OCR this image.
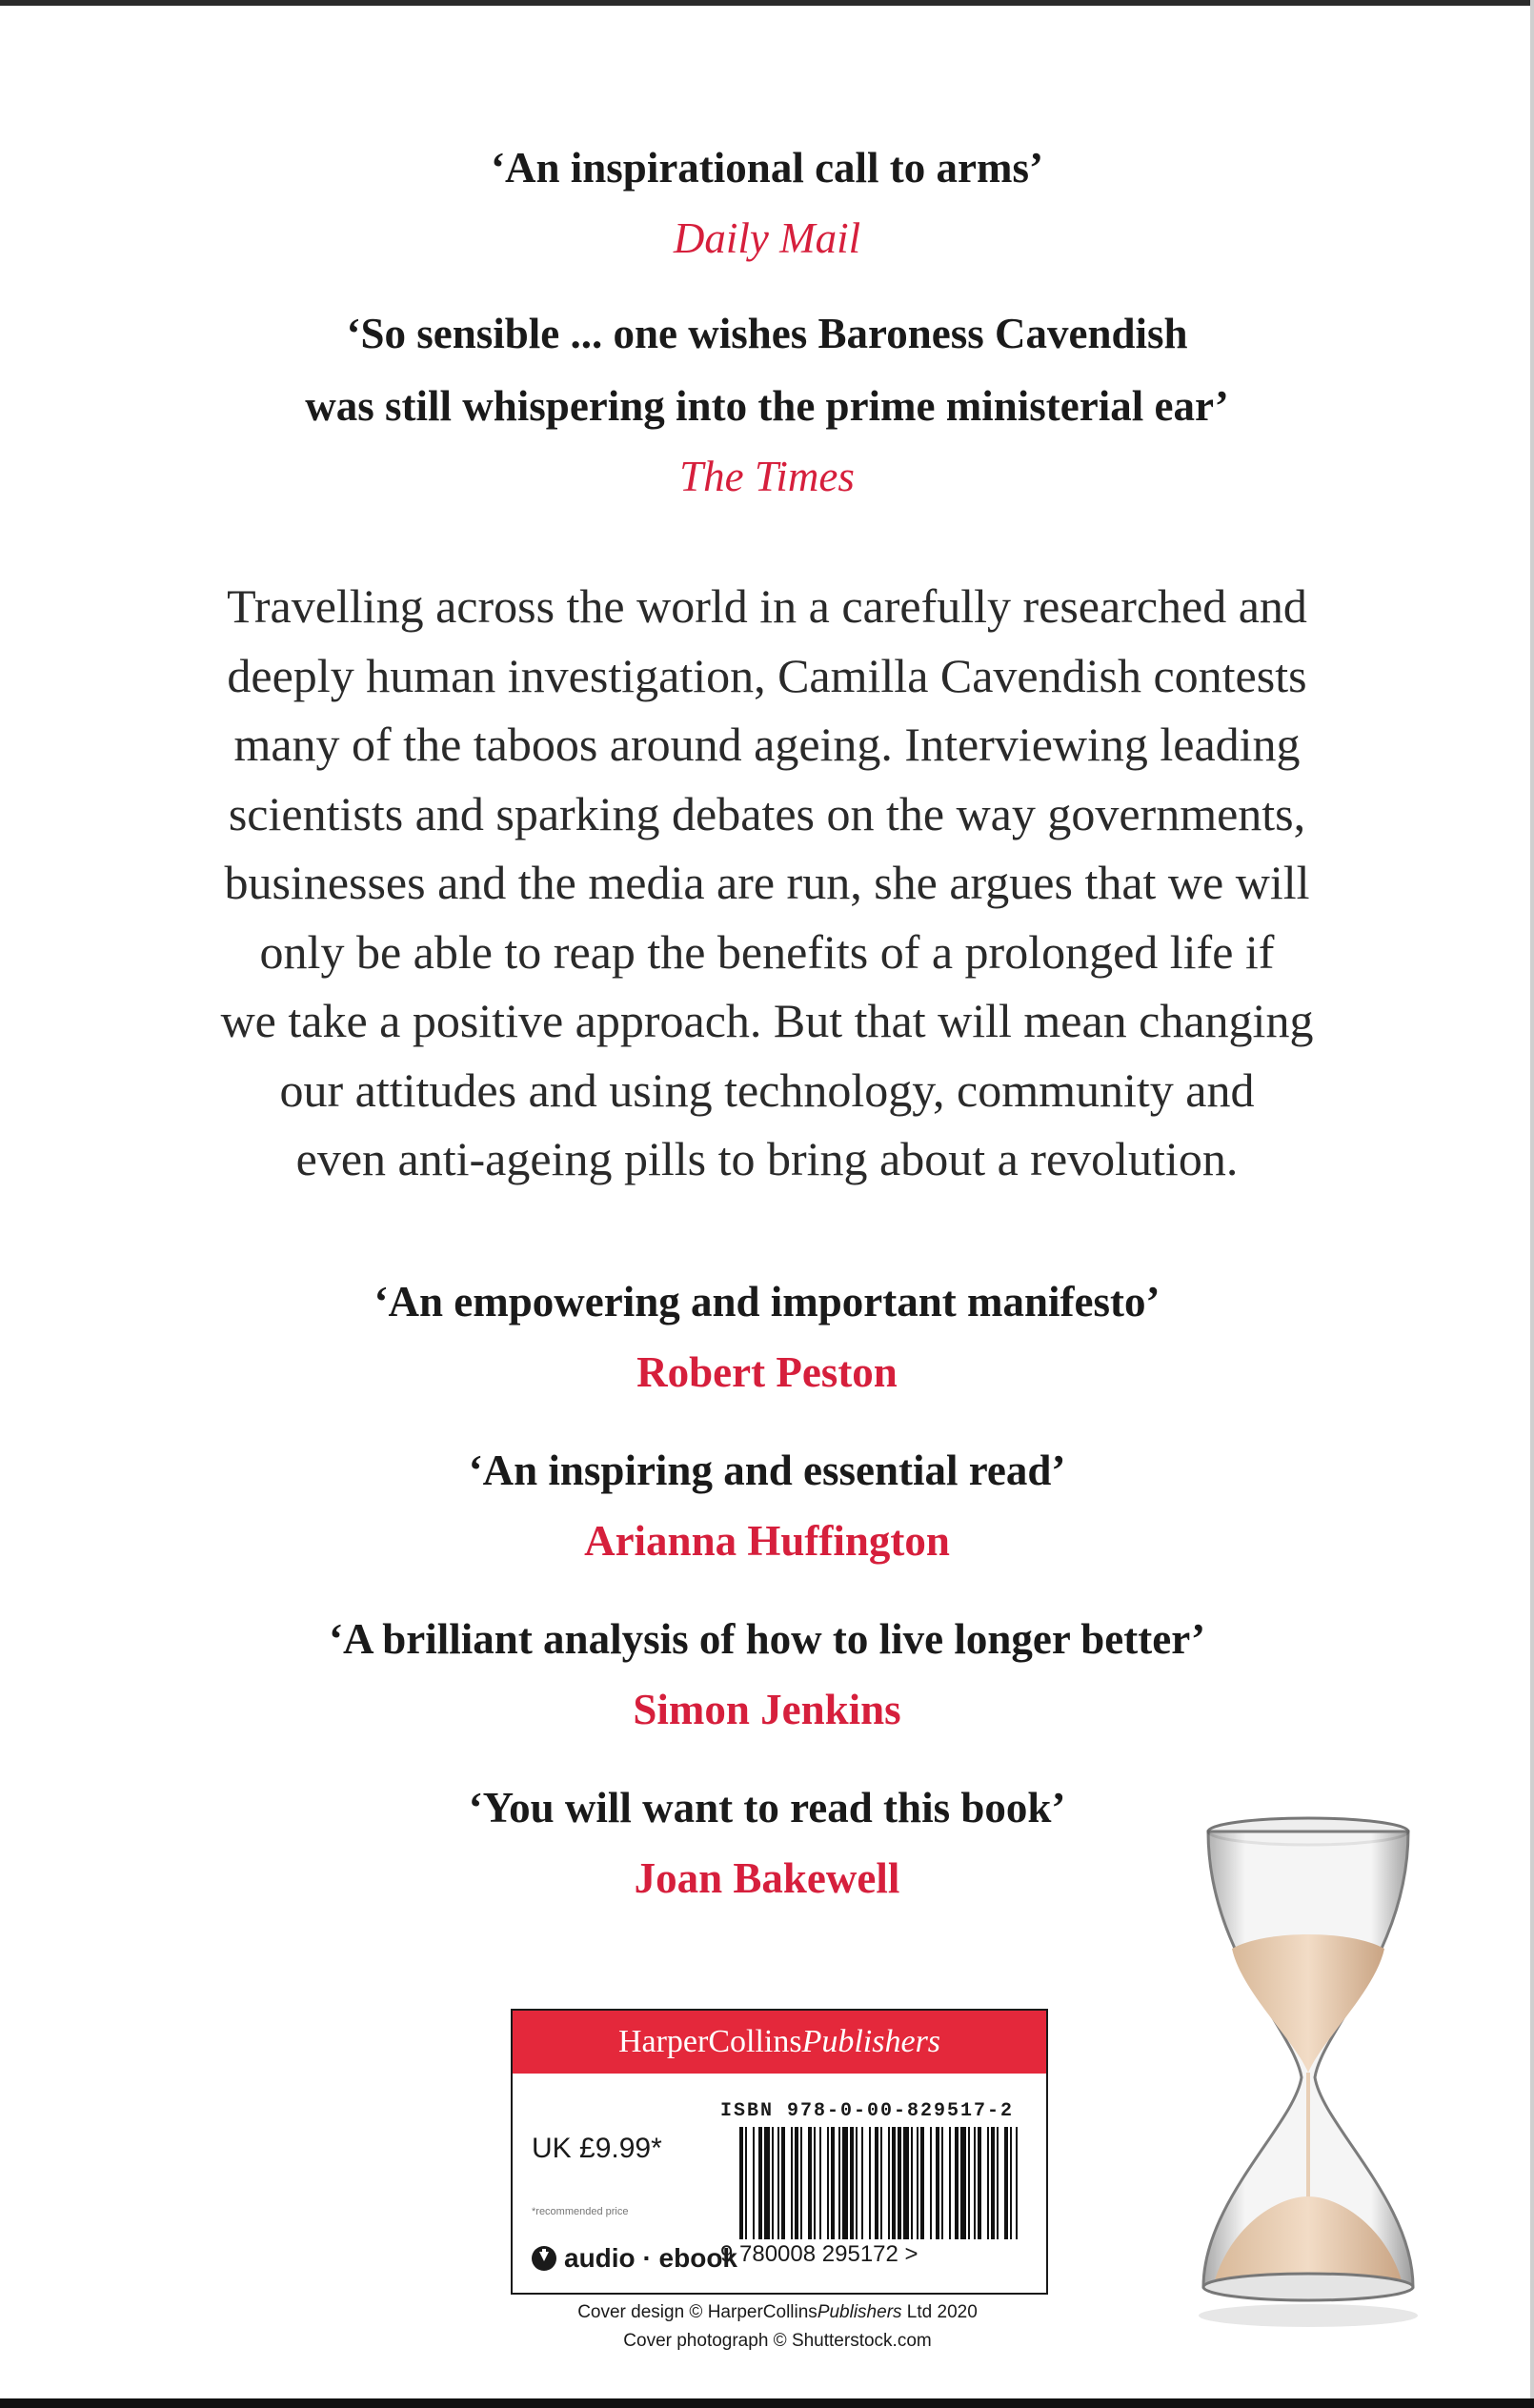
‘An inspirational call to arms’
Daily Mail
‘So sensible ... one wishes Baroness Cavendish
was still whispering into the prime ministerial ear’
The Times
Travelling across the world in a carefully researched and
deeply human investigation, Camilla Cavendish contests
many of the taboos around ageing. Interviewing leading
scientists and sparking debates on the way governments,
businesses and the media are run, she argues that we will
only be able to reap the benefits of a prolonged life if
we take a positive approach. But that will mean changing
our attitudes and using technology, community and
even anti-ageing pills to bring about a revolution.
‘An empowering and important manifesto’
Robert Peston
‘An inspiring and essential read’
Arianna Huffington
‘A brilliant analysis of how to live longer better’
Simon Jenkins
‘You will want to read this book’
Joan Bakewell
HarperCollinsPublishers
ISBN 978-0-00-829517-2
UK £9.99*
*recommended price
9 780008 295172 >
audio · ebook
Cover design © HarperCollinsPublishers Ltd 2020
Cover photograph © Shutterstock.com
